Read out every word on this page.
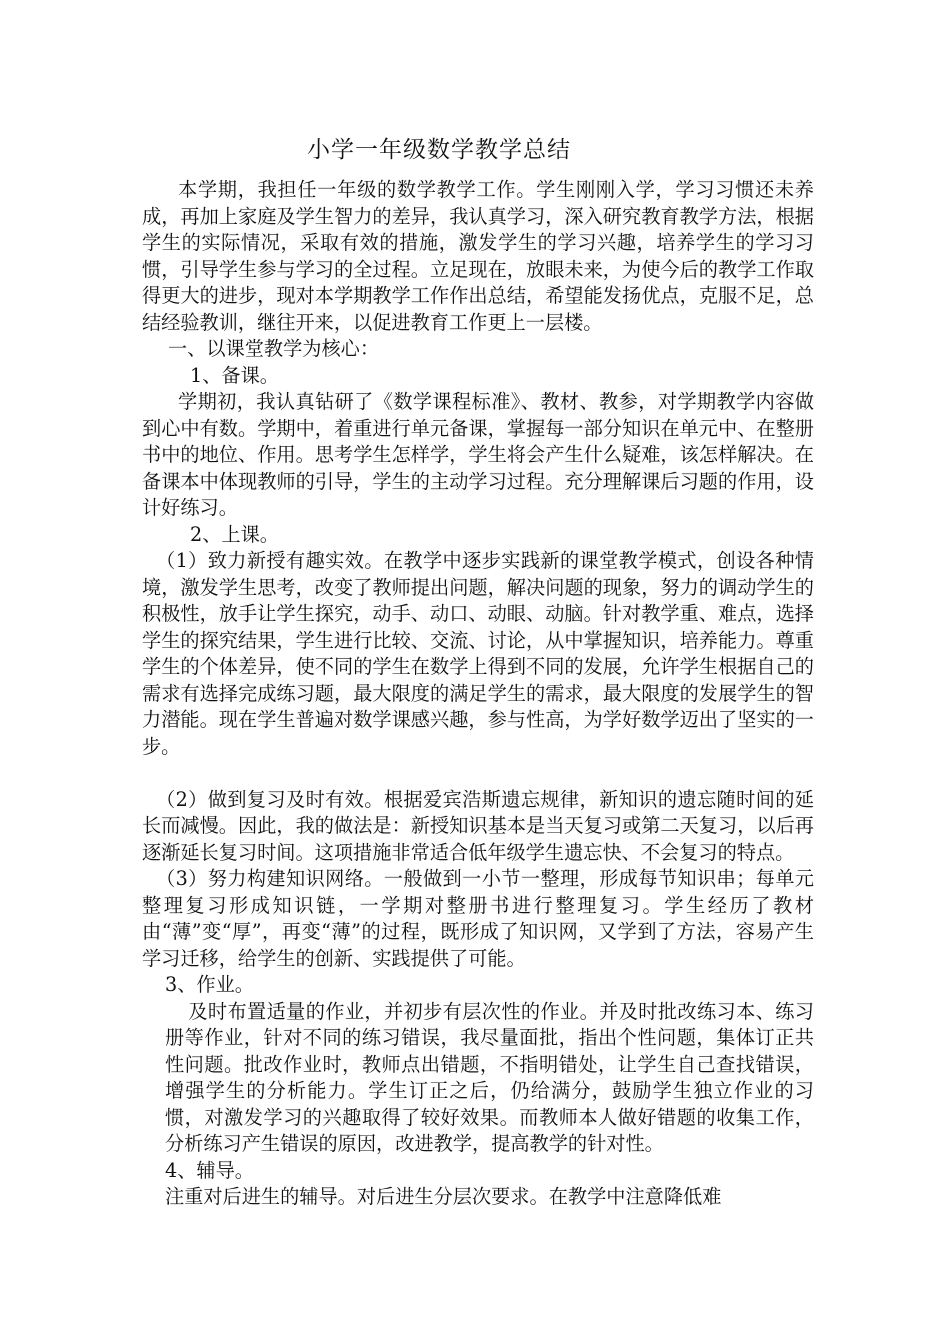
小学一年级数学教学总结

本学期，我担任一年级的数学教学工作。学生刚刚入学，学习习惯还未养成，再加上家庭及学生智力的差异，我认真学习，深入研究教育教学方法，根据学生的实际情况，采取有效的措施，激发学生的学习兴趣，培养学生的学习习惯，引导学生参与学习的全过程。立足现在，放眼未来，为使今后的教学工作取得更大的进步，现对本学期教学工作作出总结，希望能发扬优点，克服不足，总结经验教训，继往开来，以促进教育工作更上一层楼。

一、以课堂教学为核心：

1、备课。

学期初，我认真钻研了《数学课程标准》、教材、教参，对学期教学内容做到心中有数。学期中，着重进行单元备课，掌握每一部分知识在单元中、在整册书中的地位、作用。思考学生怎样学，学生将会产生什么疑难，该怎样解决。在备课本中体现教师的引导，学生的主动学习过程。充分理解课后习题的作用，设计好练习。

2、上课。

（1）致力新授有趣实效。在教学中逐步实践新的课堂教学模式，创设各种情境，激发学生思考，改变了教师提出问题，解决问题的现象，努力的调动学生的积极性，放手让学生探究，动手、动口、动眼、动脑。针对教学重、难点，选择学生的探究结果，学生进行比较、交流、讨论，从中掌握知识，培养能力。尊重学生的个体差异，使不同的学生在数学上得到不同的发展，允许学生根据自己的需求有选择完成练习题，最大限度的满足学生的需求，最大限度的发展学生的智力潜能。现在学生普遍对数学课感兴趣，参与性高，为学好数学迈出了坚实的一步。

（2）做到复习及时有效。根据爱宾浩斯遗忘规律，新知识的遗忘随时间的延长而减慢。因此，我的做法是：新授知识基本是当天复习或第二天复习，以后再逐渐延长复习时间。这项措施非常适合低年级学生遗忘快、不会复习的特点。

（3）努力构建知识网络。一般做到一小节一整理，形成每节知识串；每单元整理复习形成知识链，一学期对整册书进行整理复习。学生经历了教材由“薄”变“厚”，再变“薄”的过程，既形成了知识网，又学到了方法，容易产生学习迁移，给学生的创新、实践提供了可能。

3、作业。

及时布置适量的作业，并初步有层次性的作业。并及时批改练习本、练习册等作业，针对不同的练习错误，我尽量面批，指出个性问题，集体订正共性问题。批改作业时，教师点出错题，不指明错处，让学生自己查找错误，增强学生的分析能力。学生订正之后，仍给满分，鼓励学生独立作业的习惯，对激发学习的兴趣取得了较好效果。而教师本人做好错题的收集工作，分析练习产生错误的原因，改进教学，提高教学的针对性。

4、辅导。

注重对后进生的辅导。对后进生分层次要求。在教学中注意降低难
